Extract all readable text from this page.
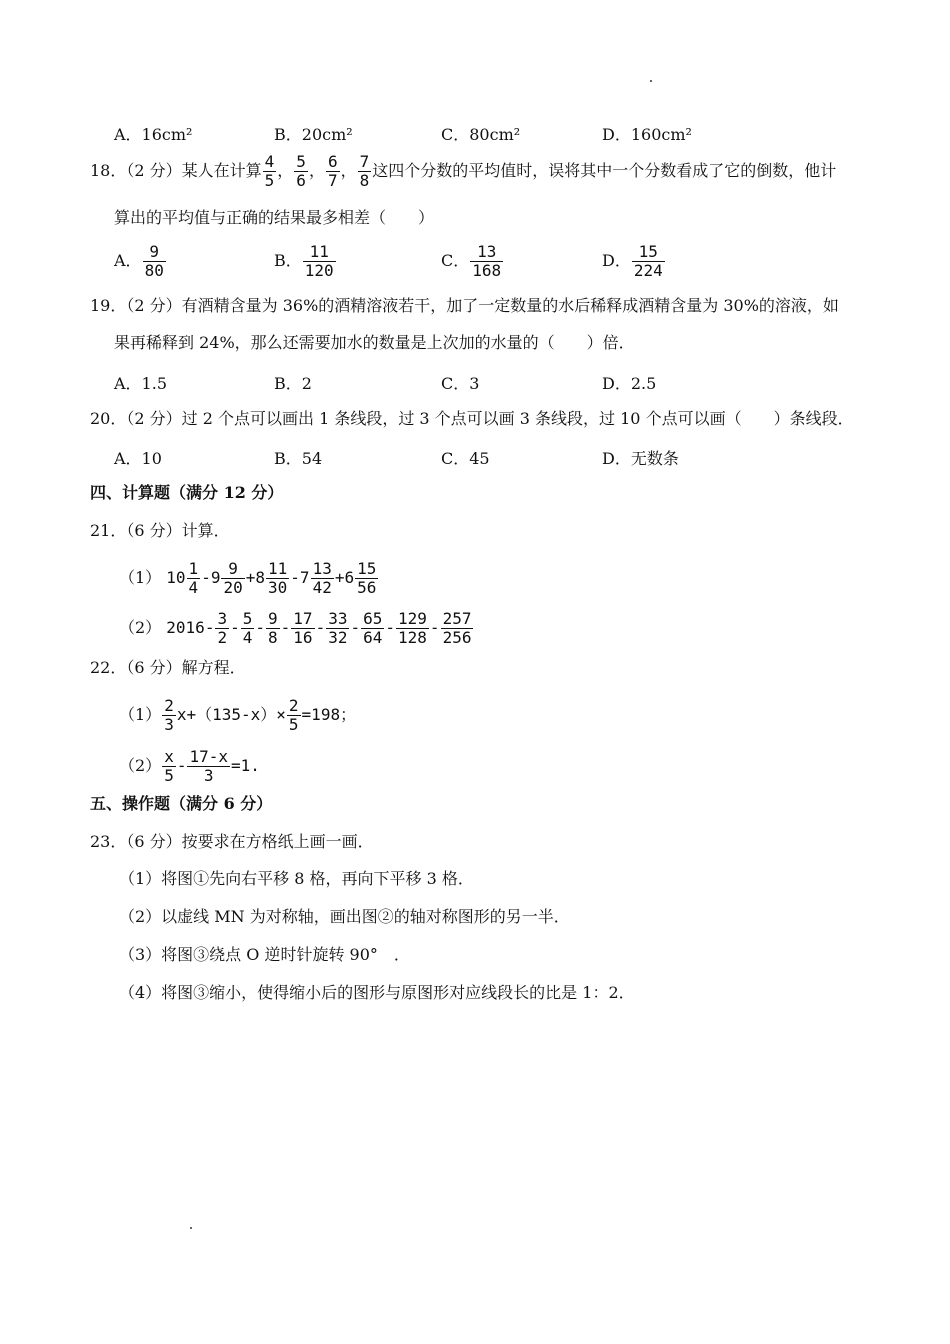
A．16cm²	B．20cm²	C．80cm²	D．160cm²
18．（2 分）某人在计算 $\frac{4}{5}$ ， $\frac{5}{6}$ ， $\frac{6}{7}$ ， $\frac{7}{8}$ 这四个分数的平均值时，误将其中一个分数看成了它的倒数，他计
算出的平均值与正确的结果最多相差（　　）
A． $\frac{9}{80}$	B． $\frac{11}{120}$	C． $\frac{13}{168}$	D． $\frac{15}{224}$
19．（2 分）有酒精含量为 36%的酒精溶液若干，加了一定数量的水后稀释成酒精含量为 30%的溶液，如
果再稀释到 24%，那么还需要加水的数量是上次加的水量的（　　）倍．
A．1.5	B．2	C．3	D．2.5
20．（2 分）过 2 个点可以画出 1 条线段，过 3 个点可以画 3 条线段，过 10 个点可以画（　　）条线段．
A．10	B．54	C．45	D．无数条
四、计算题（满分 12 分）
21．（6 分）计算．
（1） $10 \frac{1}{4} -9 \frac{9}{20} +8 \frac{11}{30} -7 \frac{13}{42} +6 \frac{15}{56}$
（2） $2016- \frac{3}{2} - \frac{5}{4} - \frac{9}{8} - \frac{17}{16} - \frac{33}{32} - \frac{65}{64} - \frac{129}{128} - \frac{257}{256}$
22．（6 分）解方程．
$(1) \frac{2}{3} x+(135-x)\times \frac{2}{5} =198$；
$(2) \frac{x}{5} - \frac{17-x}{3} =1$.
五、操作题（满分 6 分）
23．（6 分）按要求在方格纸上画一画．
（1）将图①先向右平移 8 格，再向下平移 3 格．
（2）以虚线 MN 为对称轴，画出图②的轴对称图形的另一半．
（3）将图③绕点 O 逆时针旋转 90°　．
（4）将图③缩小，使得缩小后的图形与原图形对应线段长的比是 1：2．
